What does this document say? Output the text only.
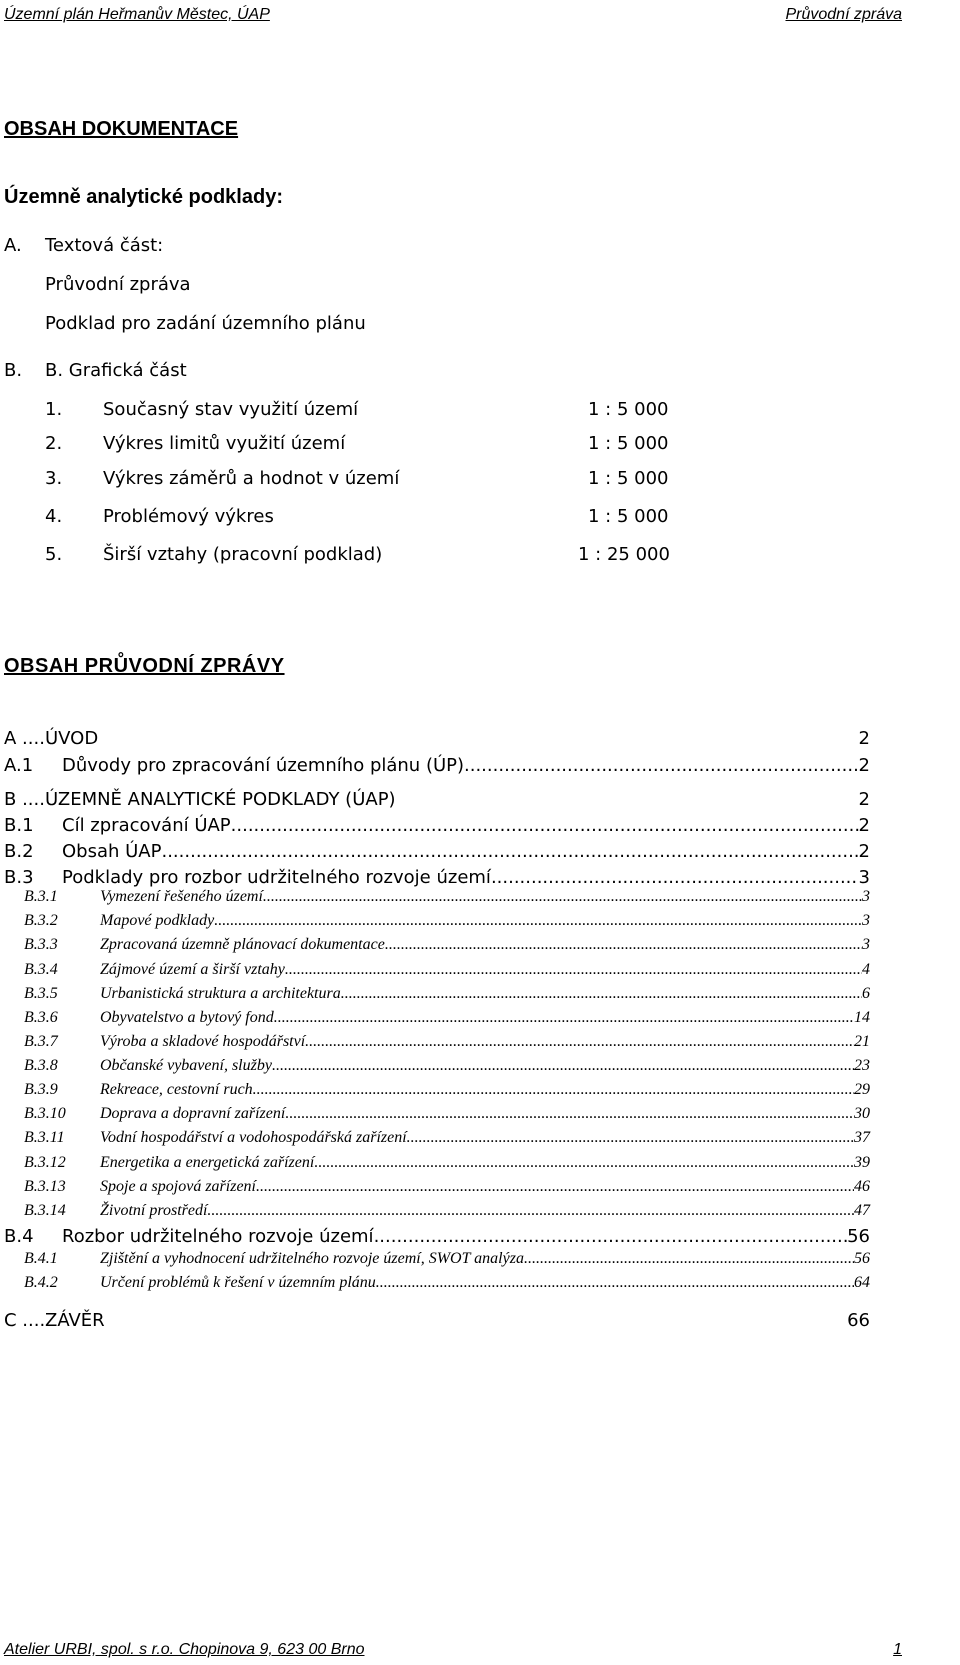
Územní plán Heřmanův Městec, ÚAP	Průvodní zpráva
OBSAH DOKUMENTACE
Územně analytické podklady:
A. Textová část:
Průvodní zpráva
Podklad pro zadání územního plánu
B. B. Grafická část
1. Současný stav využití území	1 : 5 000
2. Výkres limitů využití území	1 : 5 000
3. Výkres záměrů a hodnot v území	1 : 5 000
4. Problémový výkres	1 : 5 000
5. Širší vztahy (pracovní podklad)	1 : 25 000
OBSAH PRŮVODNÍ ZPRÁVY
A .... ÚVOD	2
A.1	Důvody pro zpracování územního plánu (ÚP) .....	2
B .... ÚZEMNĚ ANALYTICKÉ PODKLADY (ÚAP)	2
B.1	Cíl zpracování ÚAP .....	2
B.2	Obsah ÚAP .....	2
B.3	Podklady pro rozbor udržitelného rozvoje území .....	3
B.3.1	Vymezení řešeného území .....	3
B.3.2	Mapové podklady .....	3
B.3.3	Zpracovaná územně plánovací dokumentace .....	3
B.3.4	Zájmové území a širší vztahy .....	4
B.3.5	Urbanistická struktura a architektura .....	6
B.3.6	Obyvatelstvo a bytový fond .....	14
B.3.7	Výroba a skladové hospodářství .....	21
B.3.8	Občanské vybavení, služby .....	23
B.3.9	Rekreace, cestovní ruch .....	29
B.3.10	Doprava a dopravní zařízení .....	30
B.3.11	Vodní hospodářství a vodohospodářská zařízení .....	37
B.3.12	Energetika a energetická zařízení .....	39
B.3.13	Spoje a spojová zařízení .....	46
B.3.14	Životní prostředí .....	47
B.4	Rozbor udržitelného rozvoje území .....	56
B.4.1	Zjištění a vyhodnocení udržitelného rozvoje území, SWOT analýza .....	56
B.4.2	Určení problémů k řešení v územním plánu .....	64
C .... ZÁVĚR	66
Atelier URBI, spol. s r.o. Chopinova 9, 623 00 Brno	1
